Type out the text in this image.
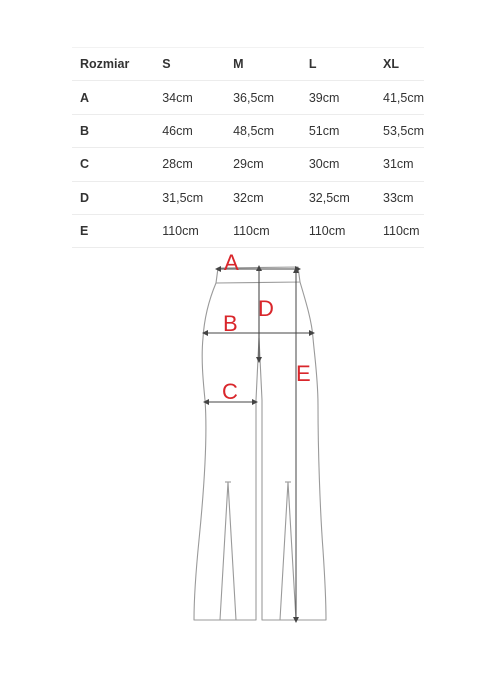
Rozmiar	S	M	L	XL
A	34cm	36,5cm	39cm	41,5cm
B	46cm	48,5cm	51cm	53,5cm
C	28cm	29cm	30cm	31cm
D	31,5cm	32cm	32,5cm	33cm
E	110cm	110cm	110cm	110cm
A
B
C
D
E
